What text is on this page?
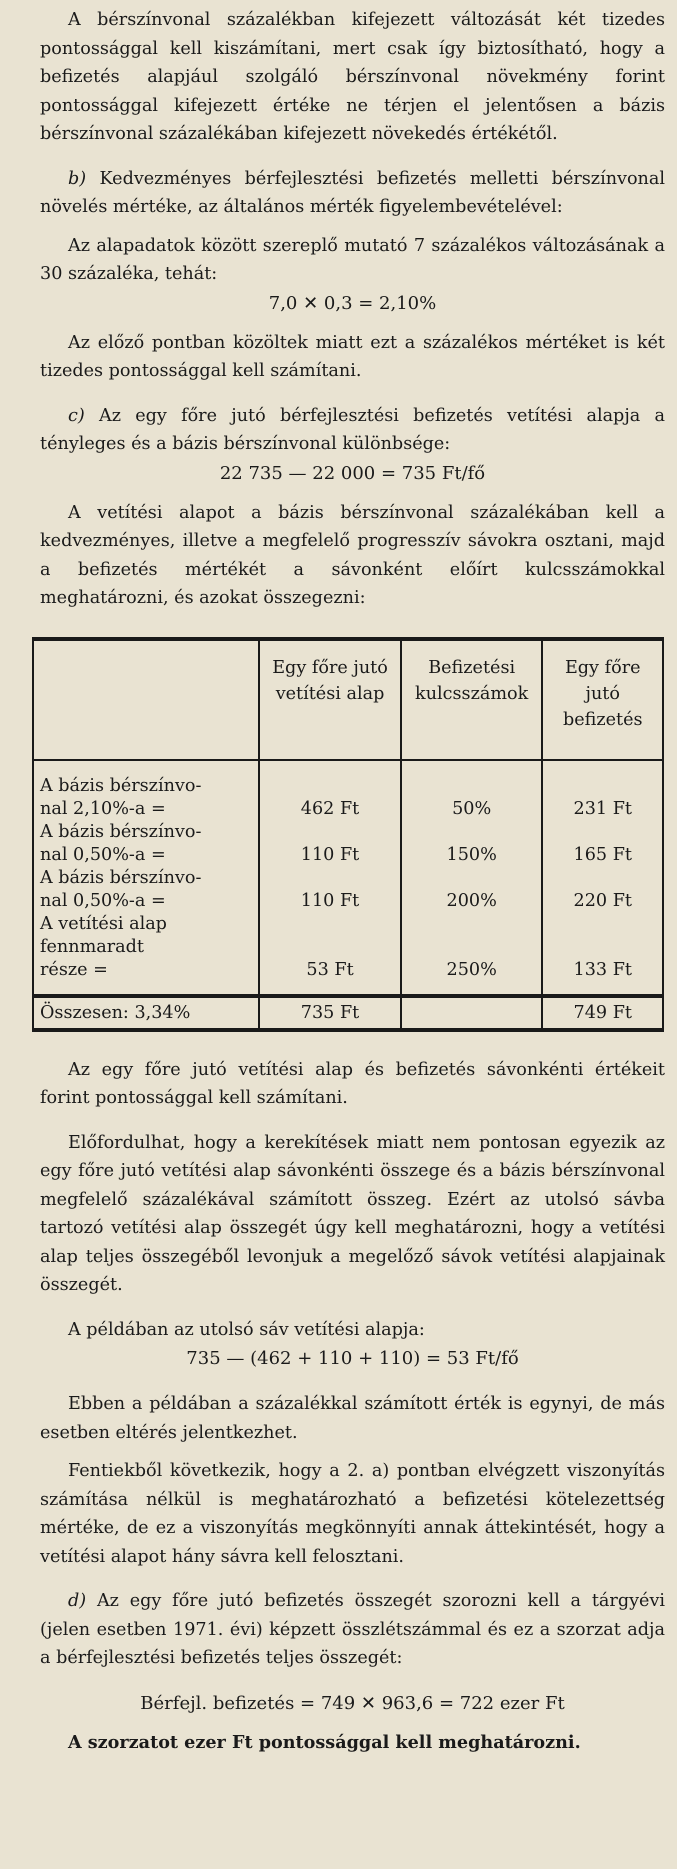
A bérszínvonal százalékban kifejezett változását két tizedes pontossággal kell kiszámítani, mert csak így biztosítható, hogy a befizetés alapjául szolgáló bérszínvonal növekmény forint pontossággal kifejezett értéke ne térjen el jelentősen a bázis bérszínvonal százalékában kifejezett növekedés értékétől.

b) Kedvezményes bérfejlesztési befizetés melletti bérszínvonal növelés mértéke, az általános mérték figyelembevételével:

Az alapadatok között szereplő mutató 7 százalékos változásának a 30 százaléka, tehát:

7,0 ✕ 0,3 = 2,10%

Az előző pontban közöltek miatt ezt a százalékos mértéket is két tizedes pontossággal kell számítani.

c) Az egy főre jutó bérfejlesztési befizetés vetítési alapja a tényleges és a bázis bérszínvonal különbsége:

22 735 — 22 000 = 735 Ft/fő

A vetítési alapot a bázis bérszínvonal százalékában kell a kedvezményes, illetve a megfelelő progresszív sávokra osztani, majd a befizetés mértékét a sávonként előírt kulcsszámokkal meghatározni, és azokat összegezni:

	Egy főre jutó vetítési alap	Befizetési kulcsszámok	Egy főre jutó befizetés
A bázis bérszínvo-
nal 2,10%-a =	462 Ft	50%	231 Ft
A bázis bérszínvo-
nal 0,50%-a =	110 Ft	150%	165 Ft
A bázis bérszínvo-
nal 0,50%-a =	110 Ft	200%	220 Ft
A vetítési alap fennmaradt
része =	53 Ft	250%	133 Ft
Összesen: 3,34%	735 Ft		749 Ft

Az egy főre jutó vetítési alap és befizetés sávonkénti értékeit forint pontossággal kell számítani.

Előfordulhat, hogy a kerekítések miatt nem pontosan egyezik az egy főre jutó vetítési alap sávonkénti összege és a bázis bérszínvonal megfelelő százalékával számított összeg. Ezért az utolsó sávba tartozó vetítési alap összegét úgy kell meghatározni, hogy a vetítési alap teljes összegéből levonjuk a megelőző sávok vetítési alapjainak összegét.

A példában az utolsó sáv vetítési alapja:

735 — (462 + 110 + 110) = 53 Ft/fő

Ebben a példában a százalékkal számított érték is egynyi, de más esetben eltérés jelentkezhet.

Fentiekből következik, hogy a 2. a) pontban elvégzett viszonyítás számítása nélkül is meghatározható a befizetési kötelezettség mértéke, de ez a viszonyítás megkönnyíti annak áttekintését, hogy a vetítési alapot hány sávra kell felosztani.

d) Az egy főre jutó befizetés összegét szorozni kell a tárgyévi (jelen esetben 1971. évi) képzett összlétszámmal és ez a szorzat adja a bérfejlesztési befizetés teljes összegét:

Bérfejl. befizetés = 749 ✕ 963,6 = 722 ezer Ft

A szorzatot ezer Ft pontossággal kell meghatározni.
